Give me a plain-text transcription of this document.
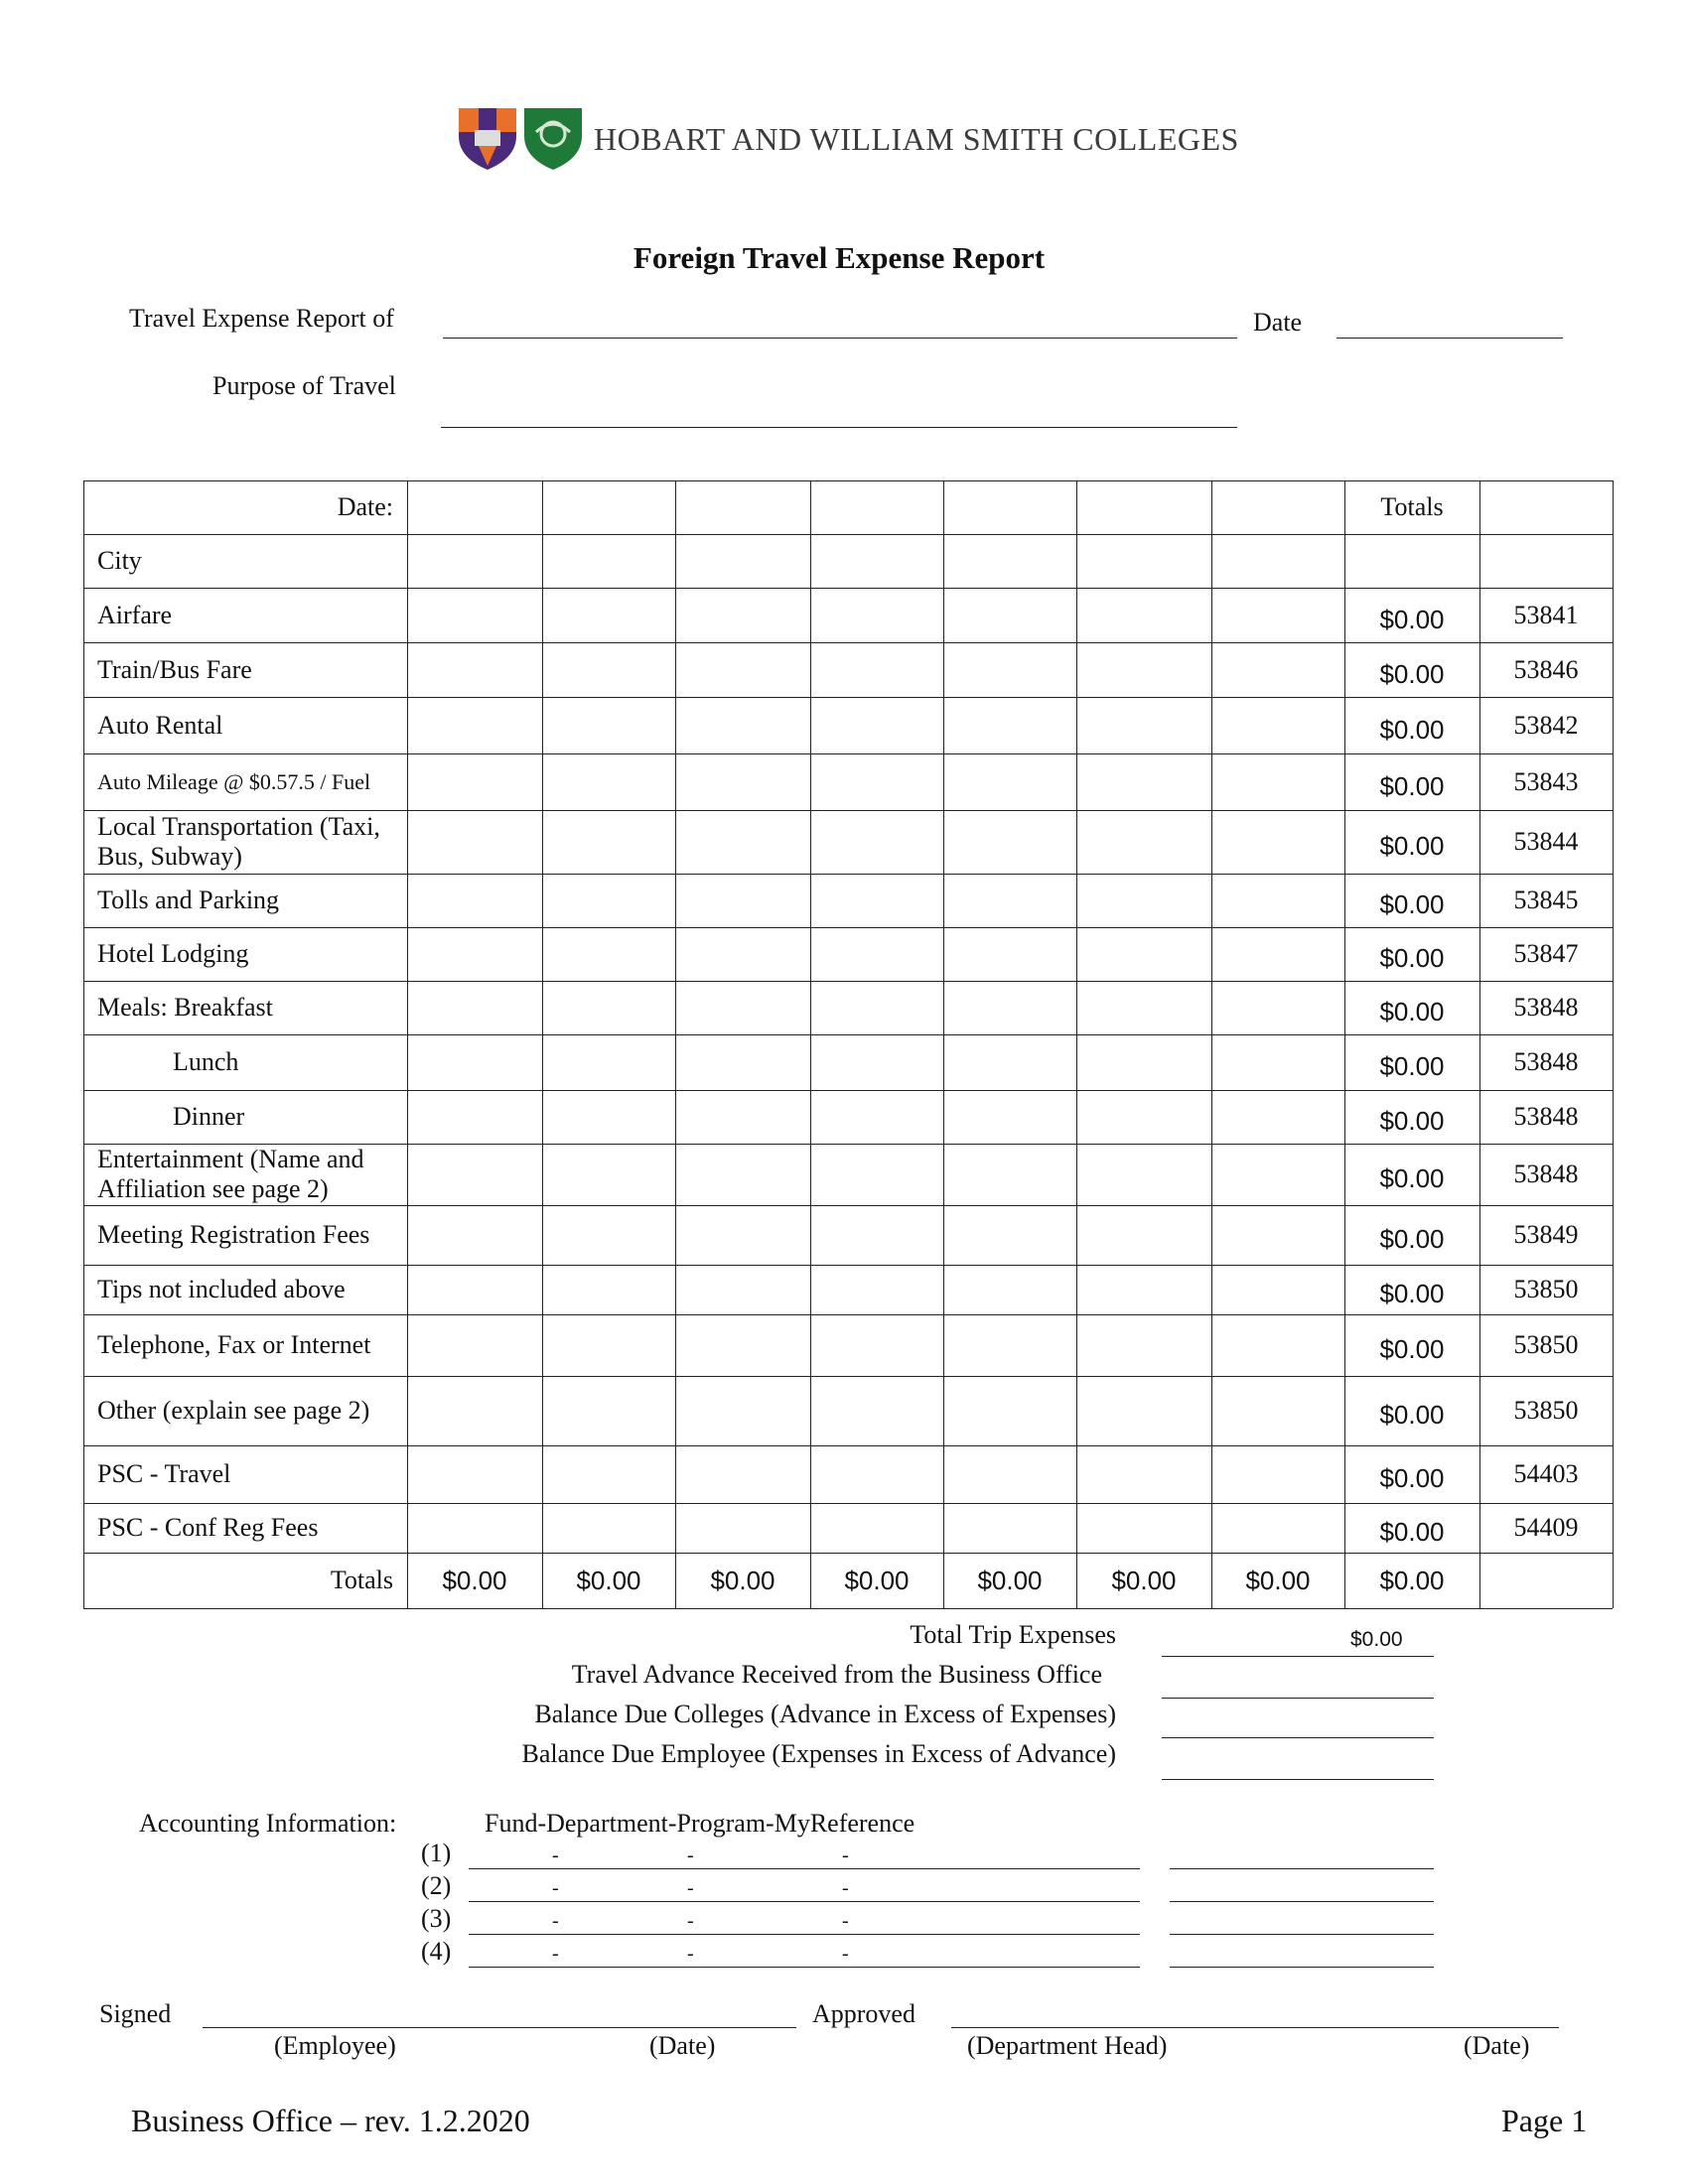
HOBART AND WILLIAM SMITH COLLEGES
Foreign Travel Expense Report
Travel Expense Report of	Date
Purpose of Travel
Date:	Totals
City
Airfare	$0.00	53841
Train/Bus Fare	$0.00	53846
Auto Rental	$0.00	53842
Auto Mileage @ $0.57.5 / Fuel	$0.00	53843
Local Transportation (Taxi, Bus, Subway)	$0.00	53844
Tolls and Parking	$0.00	53845
Hotel Lodging	$0.00	53847
Meals: Breakfast	$0.00	53848
Lunch	$0.00	53848
Dinner	$0.00	53848
Entertainment (Name and Affiliation see page 2)	$0.00	53848
Meeting Registration Fees	$0.00	53849
Tips not included above	$0.00	53850
Telephone, Fax or Internet	$0.00	53850
Other (explain see page 2)	$0.00	53850
PSC - Travel	$0.00	54403
PSC - Conf Reg Fees	$0.00	54409
Totals	$0.00	$0.00	$0.00	$0.00	$0.00	$0.00	$0.00	$0.00
Total Trip Expenses	$0.00
Travel Advance Received from the Business Office
Balance Due Colleges (Advance in Excess of Expenses)
Balance Due Employee (Expenses in Excess of Advance)
Accounting Information:	Fund-Department-Program-MyReference
(1)	-	-	-
(2)	-	-	-
(3)	-	-	-
(4)	-	-	-
Signed	Approved
(Employee)	(Date)	(Department Head)	(Date)
Business Office – rev. 1.2.2020	Page 1
